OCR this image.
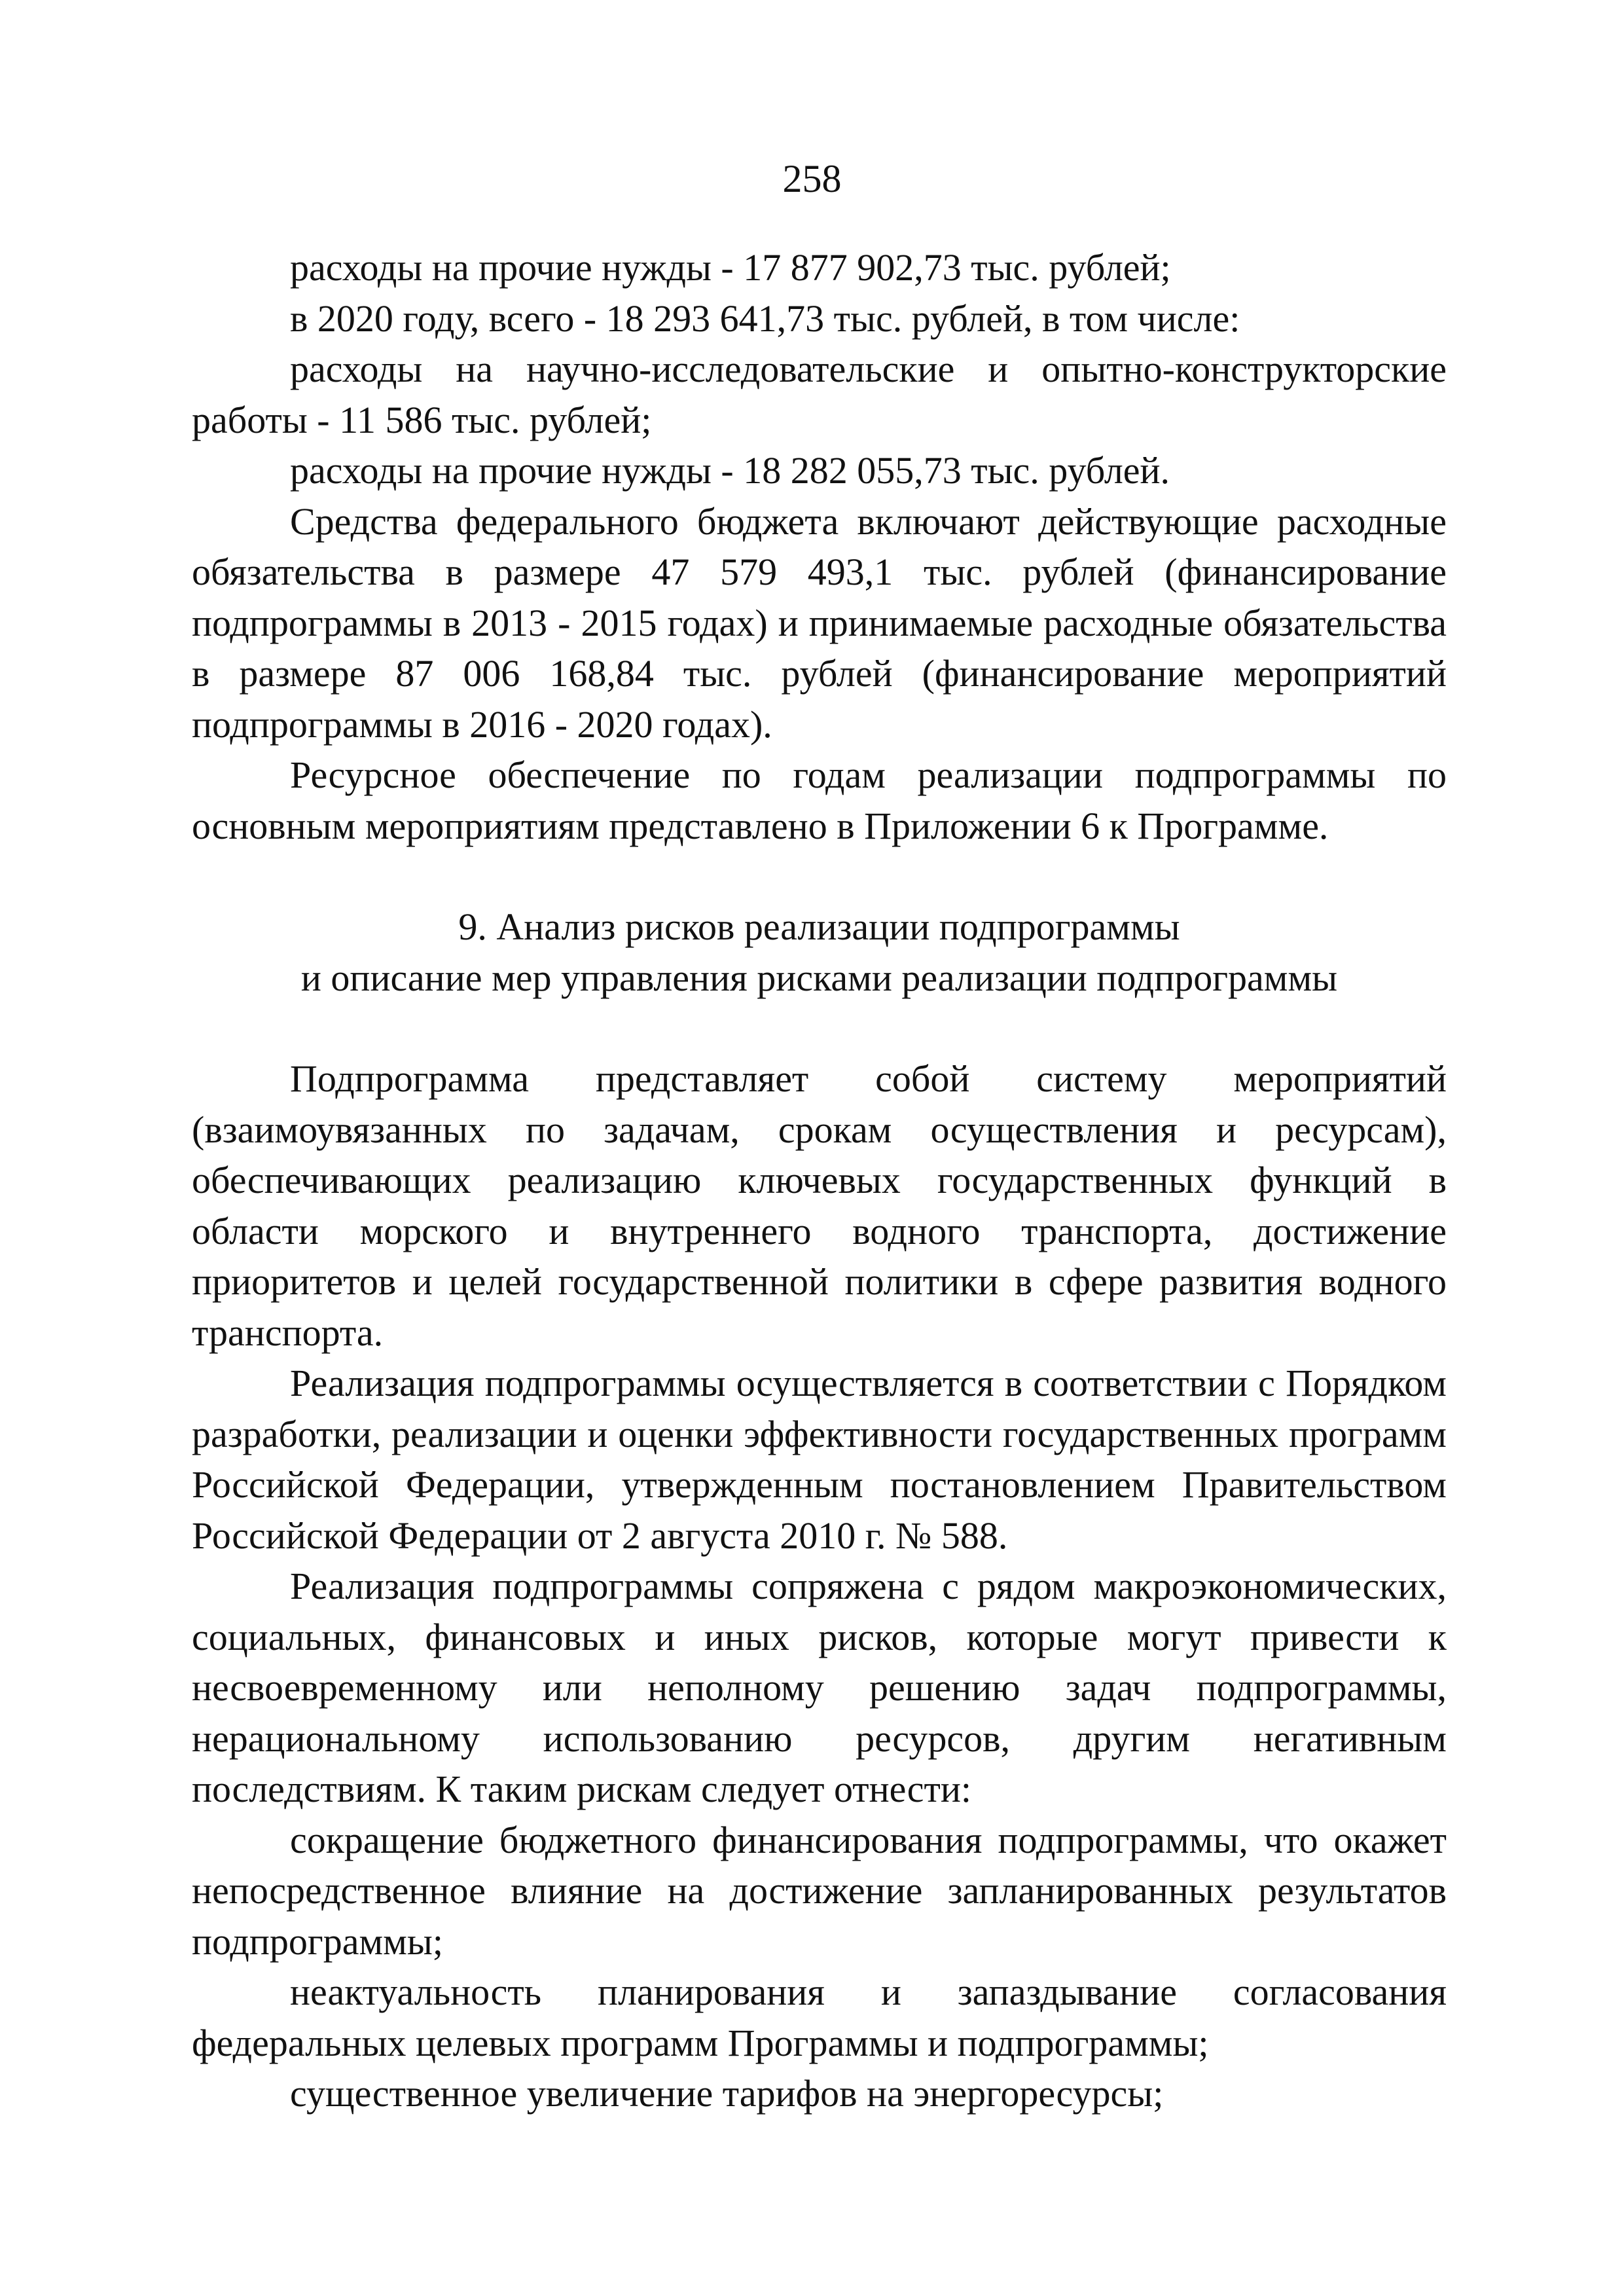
258

расходы на прочие нужды - 17 877 902,73 тыс. рублей;

в 2020 году, всего - 18 293 641,73 тыс. рублей, в том числе:

расходы на научно-исследовательские и опытно-конструкторские работы - 11 586 тыс. рублей;

расходы на прочие нужды - 18 282 055,73 тыс. рублей.

Средства федерального бюджета включают действующие расходные обязательства в размере 47 579 493,1 тыс. рублей (финансирование подпрограммы в 2013 - 2015 годах) и принимаемые расходные обязательства в размере 87 006 168,84 тыс. рублей (финансирование мероприятий подпрограммы в 2016 - 2020 годах).

Ресурсное обеспечение по годам реализации подпрограммы по основным мероприятиям представлено в Приложении 6 к Программе.

9. Анализ рисков реализации подпрограммы
и описание мер управления рисками реализации подпрограммы

Подпрограмма представляет собой систему мероприятий (взаимоувязанных по задачам, срокам осуществления и ресурсам), обеспечивающих реализацию ключевых государственных функций в области морского и внутреннего водного транспорта, достижение приоритетов и целей государственной политики в сфере развития водного транспорта.

Реализация подпрограммы осуществляется в соответствии с Порядком разработки, реализации и оценки эффективности государственных программ Российской Федерации, утвержденным постановлением Правительством Российской Федерации от 2 августа 2010 г. № 588.

Реализация подпрограммы сопряжена с рядом макроэкономических, социальных, финансовых и иных рисков, которые могут привести к несвоевременному или неполному решению задач подпрограммы, нерациональному использованию ресурсов, другим негативным последствиям. К таким рискам следует отнести:

сокращение бюджетного финансирования подпрограммы, что окажет непосредственное влияние на достижение запланированных результатов подпрограммы;

неактуальность планирования и запаздывание согласования федеральных целевых программ Программы и подпрограммы;

существенное увеличение тарифов на энергоресурсы;
